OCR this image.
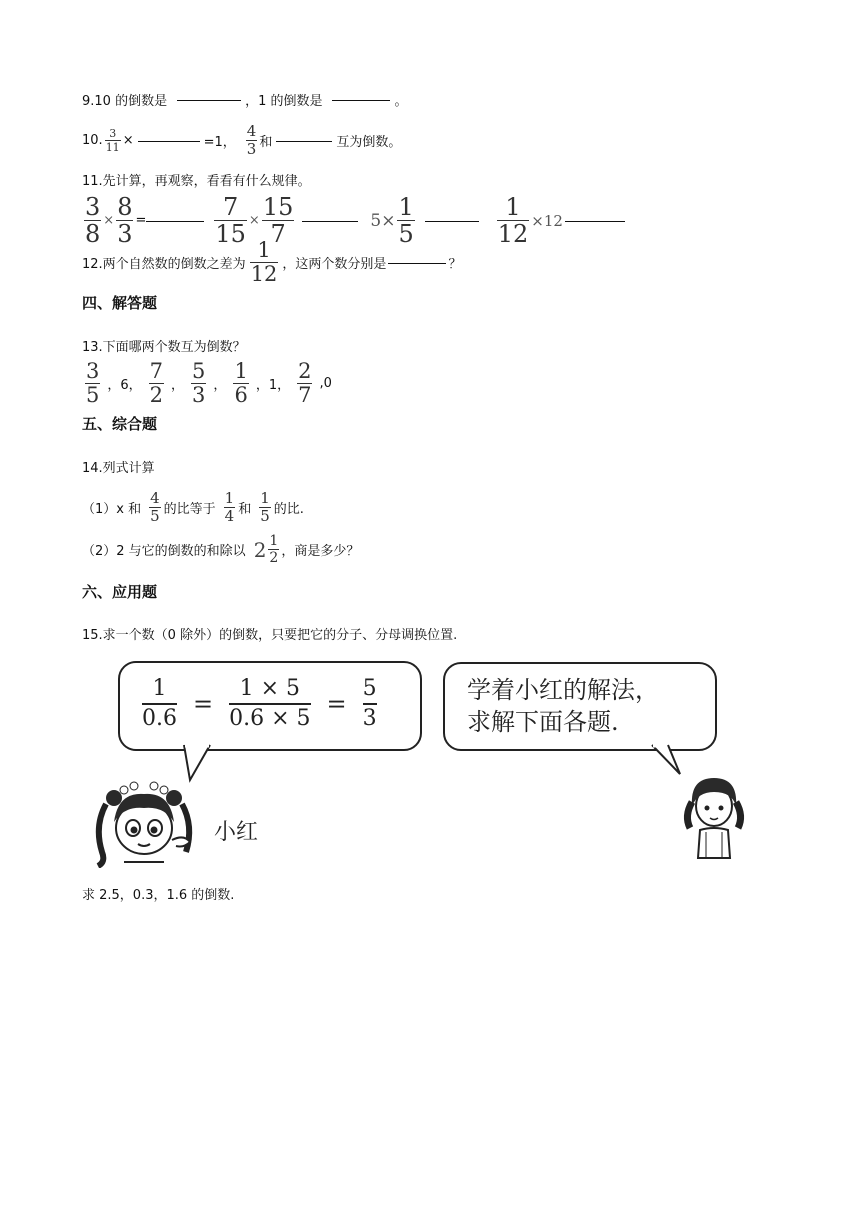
9.10 的倒数是	，1 的倒数是	。
10. $\frac{3}{11}$ ×	=1， $\frac{4}{3}$ 和	互为倒数。
11.先计算，再观察，看看有什么规律。
$\frac{3}{8} \times \frac{8}{3}$ =	$\frac{7}{15} \times \frac{15}{7}$	$5\times \frac{1}{5}$	$\frac{1}{12} \times 12$
12.两个自然数的倒数之差为 $\frac{1}{12}$ ，这两个数分别是	？
四、解答题
13.下面哪两个数互为倒数？
$\frac{3}{5}$ ，6， $\frac{7}{2}$ ， $\frac{5}{3}$ ， $\frac{1}{6}$ ，1， $\frac{2}{7} ,0$
五、综合题
14.列式计算
（1）x 和 $\frac{4}{5}$ 的比等于 $\frac{1}{4}$ 和 $\frac{1}{5}$ 的比.
（2）2 与它的倒数的和除以 $2 \frac{1}{2}$ ，商是多少？
六、应用题
15.求一个数（0 除外）的倒数，只要把它的分子、分母调换位置.
$\frac{1}{0.6} = \frac{1 \times 5}{0.6 \times 5} = \frac{5}{3}$	学着小红的解法，
求解下面各题.
小红
求 2.5，0.3，1.6 的倒数.
